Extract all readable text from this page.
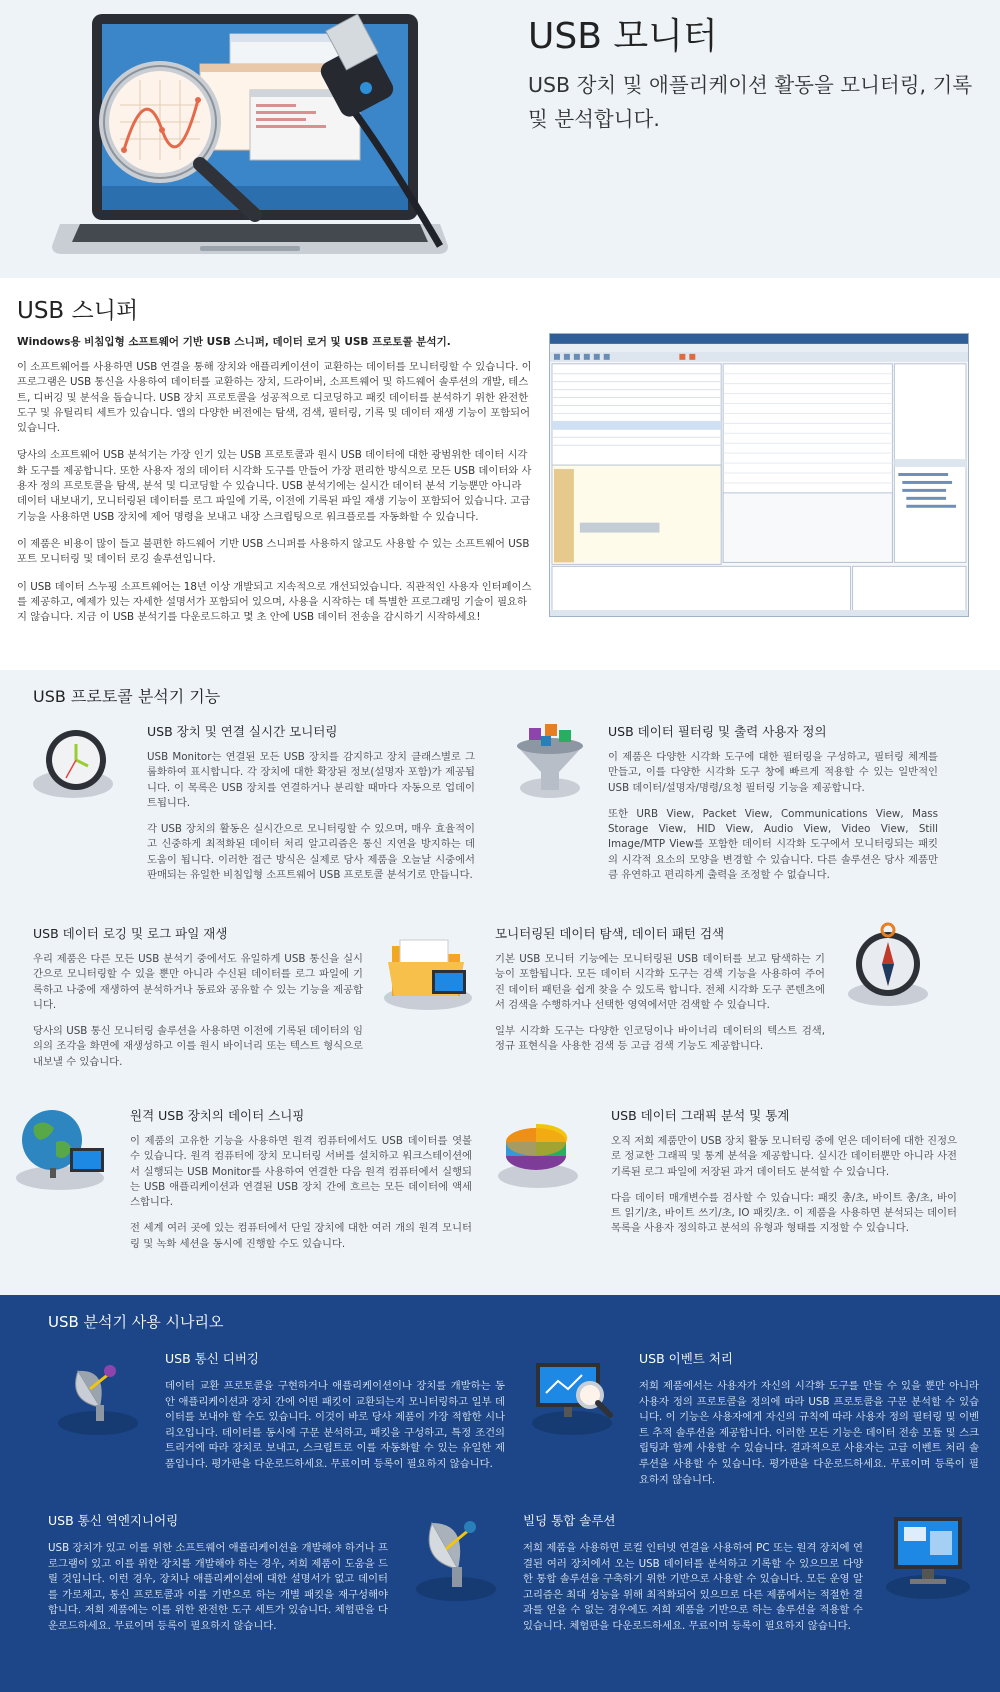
USB 모니터

USB 장치 및 애플리케이션 활동을 모니터링, 기록 및 분석합니다.

USB 스니퍼

Windows용 비침입형 소프트웨어 기반 USB 스니퍼, 데이터 로거 및 USB 프로토콜 분석기.

이 소프트웨어를 사용하면 USB 연결을 통해 장치와 애플리케이션이 교환하는 데이터를 모니터링할 수 있습니다. 이 프로그램은 USB 통신을 사용하여 데이터를 교환하는 장치, 드라이버, 소프트웨어 및 하드웨어 솔루션의 개발, 테스트, 디버깅 및 분석을 돕습니다. USB 장치 프로토콜을 성공적으로 디코딩하고 패킷 데이터를 분석하기 위한 완전한 도구 및 유틸리티 세트가 있습니다. 앱의 다양한 버전에는 탐색, 검색, 필터링, 기록 및 데이터 재생 기능이 포함되어 있습니다.

당사의 소프트웨어 USB 분석기는 가장 인기 있는 USB 프로토콜과 원시 USB 데이터에 대한 광범위한 데이터 시각화 도구를 제공합니다. 또한 사용자 정의 데이터 시각화 도구를 만들어 가장 편리한 방식으로 모든 USB 데이터와 사용자 정의 프로토콜을 탐색, 분석 및 디코딩할 수 있습니다. USB 분석기에는 실시간 데이터 분석 기능뿐만 아니라 데이터 내보내기, 모니터링된 데이터를 로그 파일에 기록, 이전에 기록된 파일 재생 기능이 포함되어 있습니다. 고급 기능을 사용하면 USB 장치에 제어 명령을 보내고 내장 스크립팅으로 워크플로를 자동화할 수 있습니다.

이 제품은 비용이 많이 들고 불편한 하드웨어 기반 USB 스니퍼를 사용하지 않고도 사용할 수 있는 소프트웨어 USB 포트 모니터링 및 데이터 로깅 솔루션입니다.

이 USB 데이터 스누핑 소프트웨어는 18년 이상 개발되고 지속적으로 개선되었습니다. 직관적인 사용자 인터페이스를 제공하고, 예제가 있는 자세한 설명서가 포함되어 있으며, 사용을 시작하는 데 특별한 프로그래밍 기술이 필요하지 않습니다. 지금 이 USB 분석기를 다운로드하고 몇 초 안에 USB 데이터 전송을 감시하기 시작하세요!

USB 프로토콜 분석기 기능
USB 장치 및 연결 실시간 모니터링

USB Monitor는 연결된 모든 USB 장치를 감지하고 장치 클래스별로 그룹화하여 표시합니다. 각 장치에 대한 확장된 정보(설명자 포함)가 제공됩니다. 이 목록은 USB 장치를 연결하거나 분리할 때마다 자동으로 업데이트됩니다.

각 USB 장치의 활동은 실시간으로 모니터링할 수 있으며, 매우 효율적이고 신중하게 최적화된 데이터 처리 알고리즘은 통신 지연을 방지하는 데 도움이 됩니다. 이러한 접근 방식은 실제로 당사 제품을 오늘날 시중에서 판매되는 유일한 비침입형 소프트웨어 USB 프로토콜 분석기로 만듭니다.

USB 데이터 필터링 및 출력 사용자 정의

이 제품은 다양한 시각화 도구에 대한 필터링을 구성하고, 필터링 체계를 만들고, 이를 다양한 시각화 도구 창에 빠르게 적용할 수 있는 일반적인 USB 데이터/설명자/명령/요청 필터링 기능을 제공합니다.

또한 URB View, Packet View, Communications View, Mass Storage View, HID View, Audio View, Video View, Still Image/MTP View를 포함한 데이터 시각화 도구에서 모니터링되는 패킷의 시각적 요소의 모양을 변경할 수 있습니다. 다른 솔루션은 당사 제품만큼 유연하고 편리하게 출력을 조정할 수 없습니다.

USB 데이터 로깅 및 로그 파일 재생

우리 제품은 다른 모든 USB 분석기 중에서도 유일하게 USB 통신을 실시간으로 모니터링할 수 있을 뿐만 아니라 수신된 데이터를 로그 파일에 기록하고 나중에 재생하여 분석하거나 동료와 공유할 수 있는 기능을 제공합니다.

당사의 USB 통신 모니터링 솔루션을 사용하면 이전에 기록된 데이터의 임의의 조각을 화면에 재생성하고 이를 원시 바이너리 또는 텍스트 형식으로 내보낼 수 있습니다.

모니터링된 데이터 탐색, 데이터 패턴 검색

기본 USB 모니터 기능에는 모니터링된 USB 데이터를 보고 탐색하는 기능이 포함됩니다. 모든 데이터 시각화 도구는 검색 기능을 사용하여 주어진 데이터 패턴을 쉽게 찾을 수 있도록 합니다. 전체 시각화 도구 콘텐츠에서 검색을 수행하거나 선택한 영역에서만 검색할 수 있습니다.

일부 시각화 도구는 다양한 인코딩이나 바이너리 데이터의 텍스트 검색, 정규 표현식을 사용한 검색 등 고급 검색 기능도 제공합니다.

원격 USB 장치의 데이터 스니핑

이 제품의 고유한 기능을 사용하면 원격 컴퓨터에서도 USB 데이터를 엿볼 수 있습니다. 원격 컴퓨터에 장치 모니터링 서버를 설치하고 워크스테이션에서 실행되는 USB Monitor를 사용하여 연결한 다음 원격 컴퓨터에서 실행되는 USB 애플리케이션과 연결된 USB 장치 간에 흐르는 모든 데이터에 액세스합니다.

전 세계 여러 곳에 있는 컴퓨터에서 단일 장치에 대한 여러 개의 원격 모니터링 및 녹화 세션을 동시에 진행할 수도 있습니다.

USB 데이터 그래픽 분석 및 통계

오직 저희 제품만이 USB 장치 활동 모니터링 중에 얻은 데이터에 대한 진정으로 정교한 그래픽 및 통계 분석을 제공합니다. 실시간 데이터뿐만 아니라 사전 기록된 로그 파일에 저장된 과거 데이터도 분석할 수 있습니다.

다음 데이터 매개변수를 검사할 수 있습니다: 패킷 총/초, 바이트 총/초, 바이트 읽기/초, 바이트 쓰기/초, IO 패킷/초. 이 제품을 사용하면 분석되는 데이터 목록을 사용자 정의하고 분석의 유형과 형태를 지정할 수 있습니다.

USB 분석기 사용 시나리오
USB 통신 디버깅

데이터 교환 프로토콜을 구현하거나 애플리케이션이나 장치를 개발하는 동안 애플리케이션과 장치 간에 어떤 패킷이 교환되는지 모니터링하고 일부 데이터를 보내야 할 수도 있습니다. 이것이 바로 당사 제품이 가장 적합한 시나리오입니다. 데이터를 동시에 구문 분석하고, 패킷을 구성하고, 특정 조건의 트리거에 따라 장치로 보내고, 스크립트로 이를 자동화할 수 있는 유일한 제품입니다. 평가판을 다운로드하세요. 무료이며 등록이 필요하지 않습니다.

USB 이벤트 처리

저희 제품에서는 사용자가 자신의 시각화 도구를 만들 수 있을 뿐만 아니라 사용자 정의 프로토콜을 정의에 따라 USB 프로토콜을 구문 분석할 수 있습니다. 이 기능은 사용자에게 자신의 규칙에 따라 사용자 정의 필터링 및 이벤트 추적 솔루션을 제공합니다. 이러한 모든 기능은 데이터 전송 모듈 및 스크립팅과 함께 사용할 수 있습니다. 결과적으로 사용자는 고급 이벤트 처리 솔루션을 사용할 수 있습니다. 평가판을 다운로드하세요. 무료이며 등록이 필요하지 않습니다.

USB 통신 역엔지니어링

USB 장치가 있고 이를 위한 소프트웨어 애플리케이션을 개발해야 하거나 프로그램이 있고 이를 위한 장치를 개발해야 하는 경우, 저희 제품이 도움을 드릴 것입니다. 이런 경우, 장치나 애플리케이션에 대한 설명서가 없고 데이터를 가로채고, 통신 프로토콜과 이를 기반으로 하는 개별 패킷을 재구성해야 합니다. 저희 제품에는 이를 위한 완전한 도구 세트가 있습니다. 체험판을 다운로드하세요. 무료이며 등록이 필요하지 않습니다.

빌딩 통합 솔루션

저희 제품을 사용하면 로컬 인터넷 연결을 사용하여 PC 또는 원격 장치에 연결된 여러 장치에서 오는 USB 데이터를 분석하고 기록할 수 있으므로 다양한 통합 솔루션을 구축하기 위한 기반으로 사용할 수 있습니다. 모든 운영 알고리즘은 최대 성능을 위해 최적화되어 있으므로 다른 제품에서는 적절한 결과를 얻을 수 없는 경우에도 저희 제품을 기반으로 하는 솔루션을 적용할 수 있습니다. 체험판을 다운로드하세요. 무료이며 등록이 필요하지 않습니다.
